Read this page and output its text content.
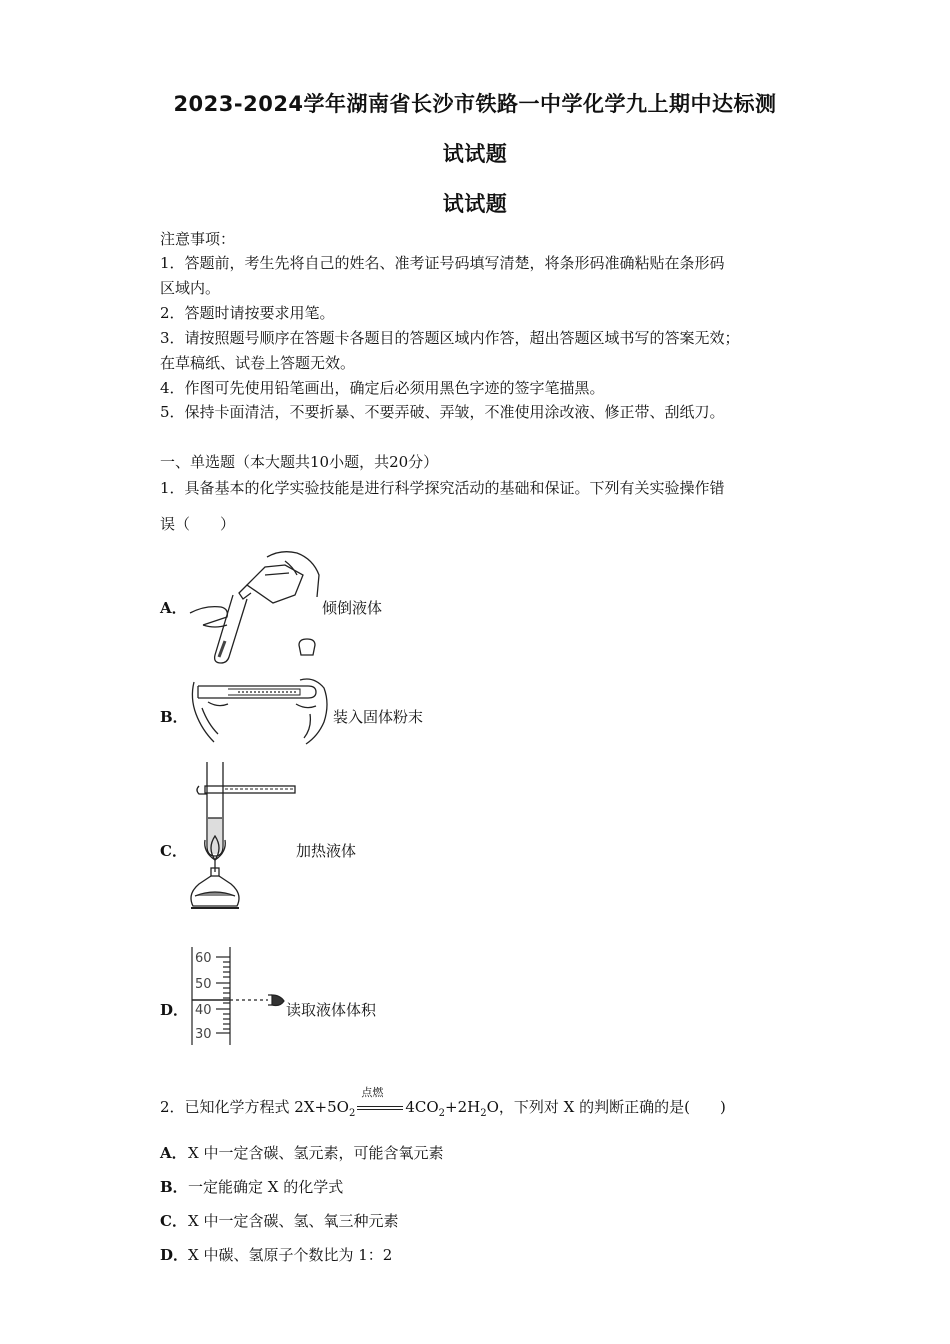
2023-2024学年湖南省长沙市铁路一中学化学九上期中达标测
试试题
试试题
注意事项：
1．答题前，考生先将自己的姓名、准考证号码填写清楚，将条形码准确粘贴在条形码
区域内。
2．答题时请按要求用笔。
3．请按照题号顺序在答题卡各题目的答题区域内作答，超出答题区域书写的答案无效；
在草稿纸、试卷上答题无效。
4．作图可先使用铅笔画出，确定后必须用黑色字迹的签字笔描黑。
5．保持卡面清洁，不要折暴、不要弄破、弄皱，不准使用涂改液、修正带、刮纸刀。
一、单选题（本大题共10小题，共20分）
1．具备基本的化学实验技能是进行科学探究活动的基础和保证。下列有关实验操作错
误（　　）
A．	倾倒液体
B．	装入固体粉末
C．	加热液体
D．
60
50
40
30
读取液体体积
2．已知化学方程式 $2X+5O_2$
点燃
$4CO_2+2H_2O$，下列对 X 的判断正确的是(　　)
A． X 中一定含碳、氢元素，可能含氧元素
B． 一定能确定 X 的化学式
C． X 中一定含碳、氢、氧三种元素
D． X 中碳、氢原子个数比为 1：2
